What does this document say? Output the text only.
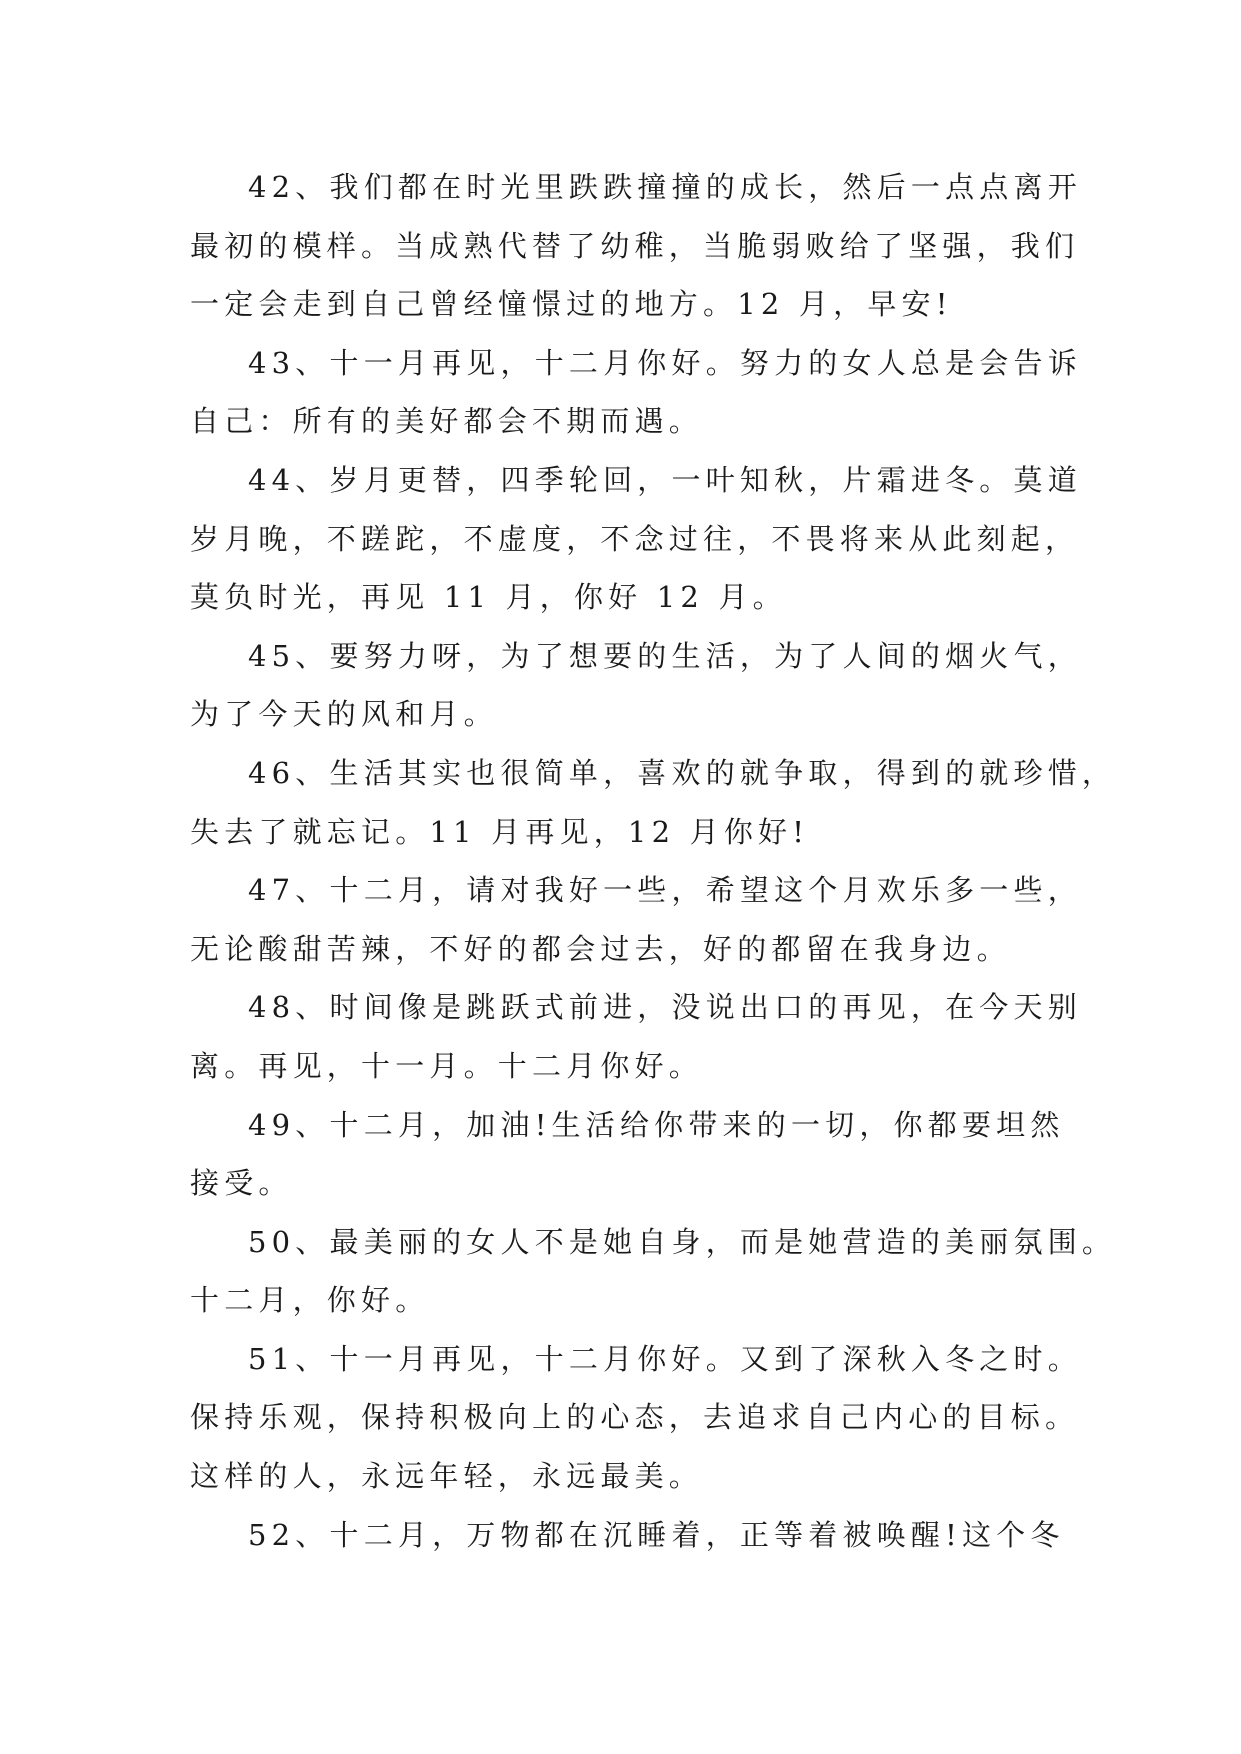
42、我们都在时光里跌跌撞撞的成长，然后一点点离开
最初的模样。当成熟代替了幼稚，当脆弱败给了坚强，我们
一定会走到自己曾经憧憬过的地方。12 月，早安!
43、十一月再见，十二月你好。努力的女人总是会告诉
自己：所有的美好都会不期而遇。
44、岁月更替，四季轮回，一叶知秋，片霜进冬。莫道
岁月晚，不蹉跎，不虚度，不念过往，不畏将来从此刻起，
莫负时光，再见 11 月，你好 12 月。
45、要努力呀，为了想要的生活，为了人间的烟火气，
为了今天的风和月。
46、生活其实也很简单，喜欢的就争取，得到的就珍惜，
失去了就忘记。11 月再见，12 月你好!
47、十二月，请对我好一些，希望这个月欢乐多一些，
无论酸甜苦辣，不好的都会过去，好的都留在我身边。
48、时间像是跳跃式前进，没说出口的再见，在今天别
离。再见，十一月。十二月你好。
49、十二月，加油!生活给你带来的一切，你都要坦然
接受。
50、最美丽的女人不是她自身，而是她营造的美丽氛围。
十二月，你好。
51、十一月再见，十二月你好。又到了深秋入冬之时。
保持乐观，保持积极向上的心态，去追求自己内心的目标。
这样的人，永远年轻，永远最美。
52、十二月，万物都在沉睡着，正等着被唤醒!这个冬
